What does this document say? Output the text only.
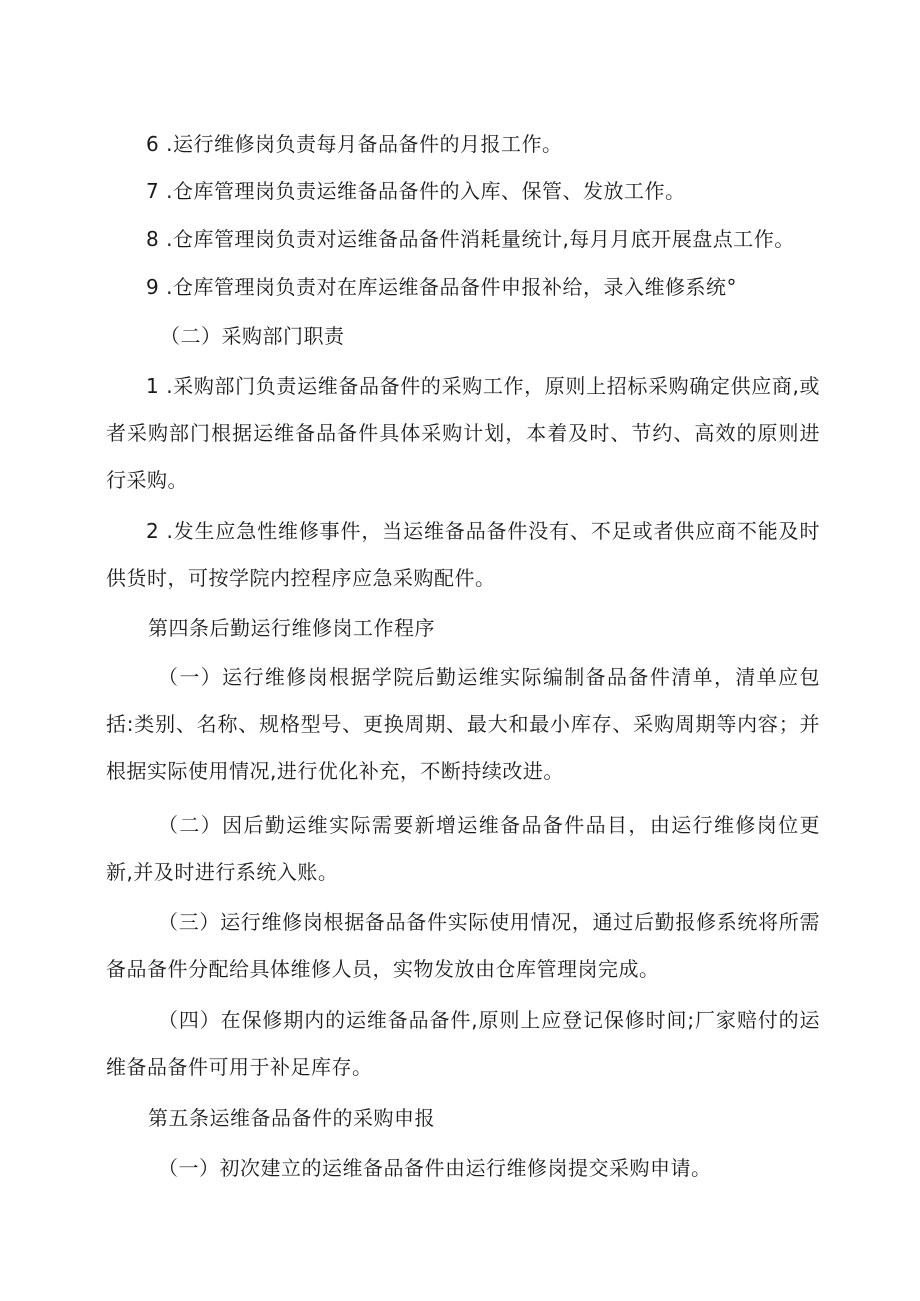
6 .运行维修岗负责每月备品备件的月报工作。

7 .仓库管理岗负责运维备品备件的入库、保管、发放工作。

8 .仓库管理岗负责对运维备品备件消耗量统计,每月月底开展盘点工作。

9 .仓库管理岗负责对在库运维备品备件申报补给，录入维修系统°

（二）采购部门职责

1 .采购部门负责运维备品备件的采购工作，原则上招标采购确定供应商,或者采购部门根据运维备品备件具体采购计划，本着及时、节约、高效的原则进行采购。

2 .发生应急性维修事件，当运维备品备件没有、不足或者供应商不能及时供货时，可按学院内控程序应急采购配件。

第四条后勤运行维修岗工作程序

（一）运行维修岗根据学院后勤运维实际编制备品备件清单，清单应包括:类别、名称、规格型号、更换周期、最大和最小库存、采购周期等内容；并根据实际使用情况,进行优化补充，不断持续改进。

（二）因后勤运维实际需要新增运维备品备件品目，由运行维修岗位更新,并及时进行系统入账。

（三）运行维修岗根据备品备件实际使用情况，通过后勤报修系统将所需备品备件分配给具体维修人员，实物发放由仓库管理岗完成。

（四）在保修期内的运维备品备件,原则上应登记保修时间;厂家赔付的运维备品备件可用于补足库存。

第五条运维备品备件的采购申报

（一）初次建立的运维备品备件由运行维修岗提交采购申请。
